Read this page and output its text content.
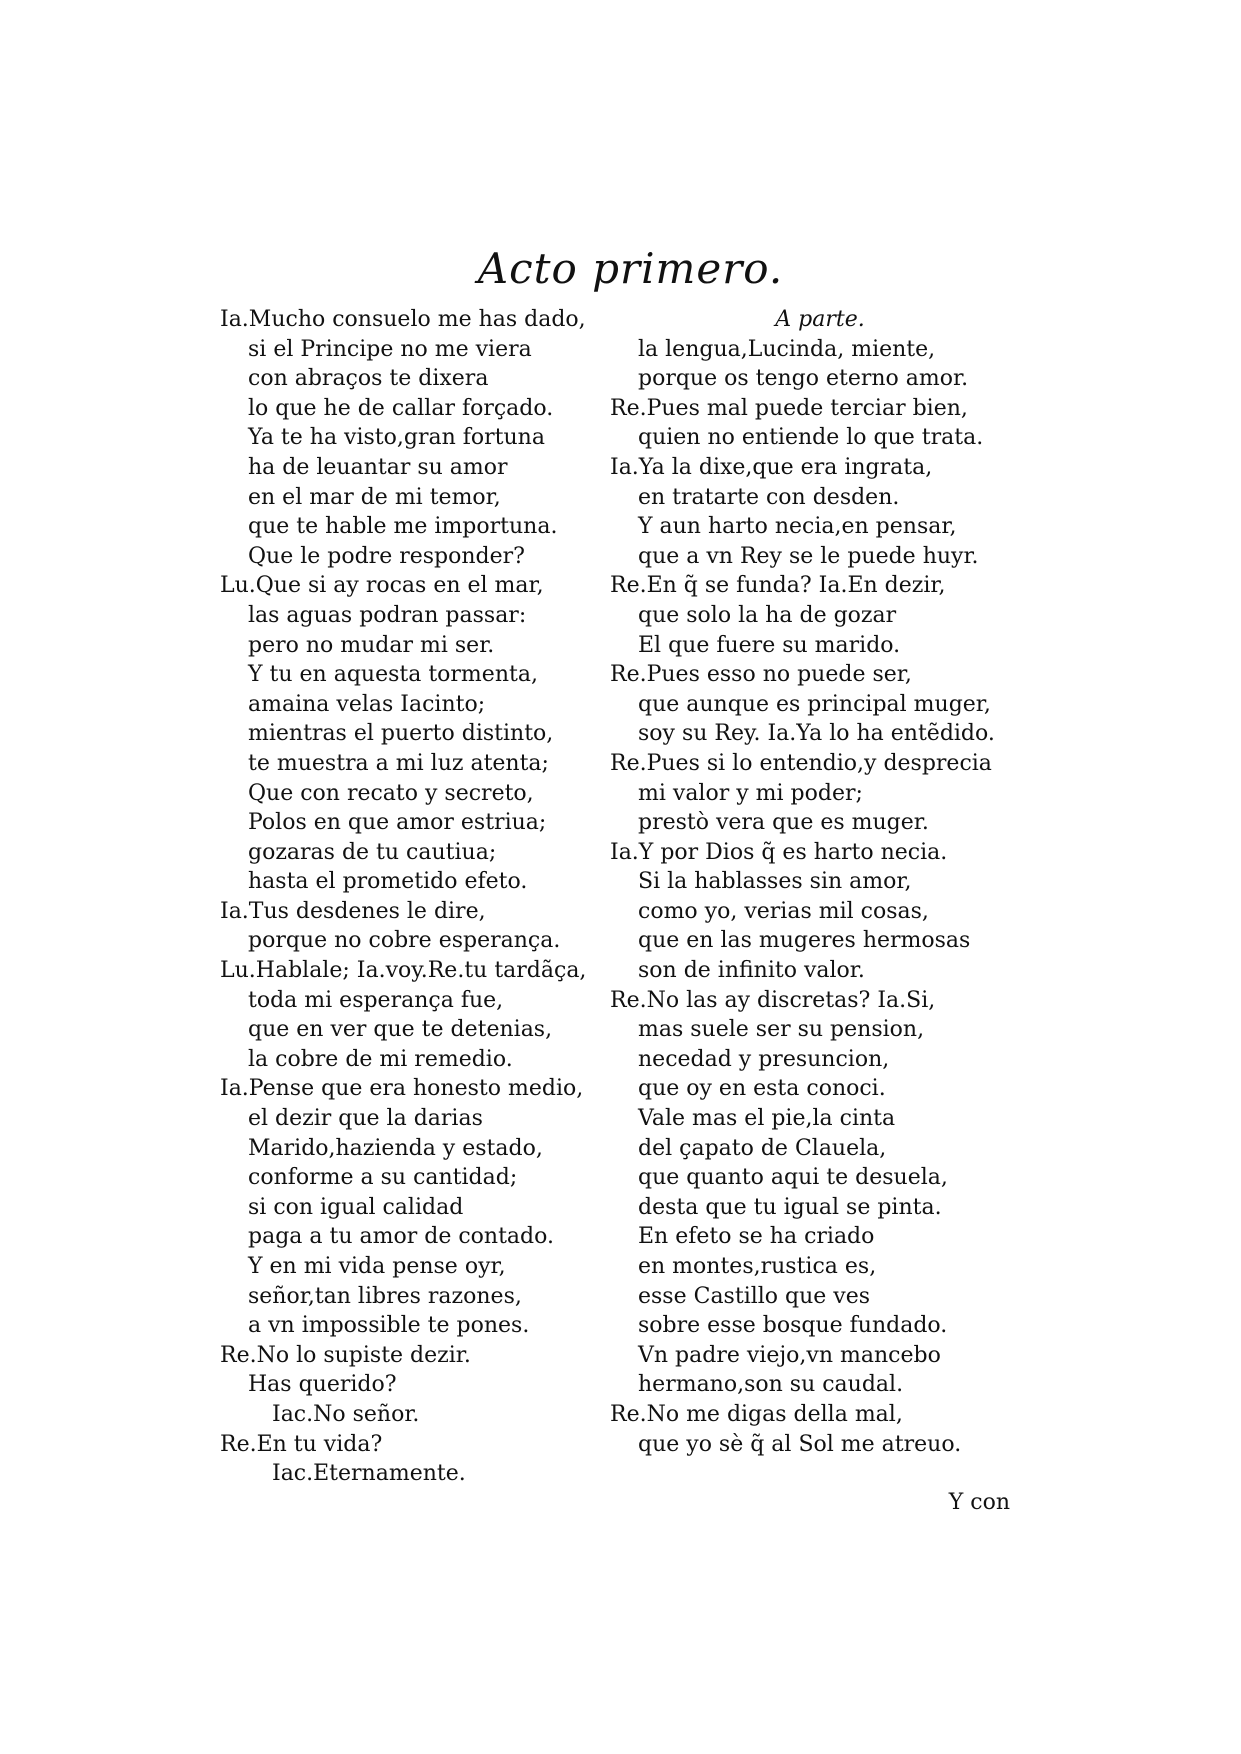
Acto primero.
Ia.Mucho consuelo me has dado,
si el Principe no me viera
con abraços te dixera
lo que he de callar forçado.
Ya te ha visto,gran fortuna
ha de leuantar su amor
en el mar de mi temor,
que te hable me importuna.
Que le podre responder?
Lu.Que si ay rocas en el mar,
las aguas podran passar:
pero no mudar mi ser.
Y tu en aquesta tormenta,
amaina velas Iacinto;
mientras el puerto distinto,
te muestra a mi luz atenta;
Que con recato y secreto,
Polos en que amor estriua;
gozaras de tu cautiua;
hasta el prometido efeto.
Ia.Tus desdenes le dire,
porque no cobre esperança.
Lu.Hablale; Ia.voy.Re.tu tardãça,
toda mi esperança fue,
que en ver que te detenias,
la cobre de mi remedio.
Ia.Pense que era honesto medio,
el dezir que la darias
Marido,hazienda y estado,
conforme a su cantidad;
si con igual calidad
paga a tu amor de contado.
Y en mi vida pense oyr,
señor,tan libres razones,
a vn impossible te pones.
Re.No lo supiste dezir.
Has querido?
Iac.No señor.
Re.En tu vida?
Iac.Eternamente.
A parte.
la lengua,Lucinda, miente,
porque os tengo eterno amor.
Re.Pues mal puede terciar bien,
quien no entiende lo que trata.
Ia.Ya la dixe,que era ingrata,
en tratarte con desden.
Y aun harto necia,en pensar,
que a vn Rey se le puede huyr.
Re.En q̃ se funda? Ia.En dezir,
que solo la ha de gozar
El que fuere su marido.
Re.Pues esso no puede ser,
que aunque es principal muger,
soy su Rey. Ia.Ya lo ha entẽdido.
Re.Pues si lo entendio,y desprecia
mi valor y mi poder;
prestò vera que es muger.
Ia.Y por Dios q̃ es harto necia.
Si la hablasses sin amor,
como yo, verias mil cosas,
que en las mugeres hermosas
son de infinito valor.
Re.No las ay discretas? Ia.Si,
mas suele ser su pension,
necedad y presuncion,
que oy en esta conoci.
Vale mas el pie,la cinta
del çapato de Clauela,
que quanto aqui te desuela,
desta que tu igual se pinta.
En efeto se ha criado
en montes,rustica es,
esse Castillo que ves
sobre esse bosque fundado.
Vn padre viejo,vn mancebo
hermano,son su caudal.
Re.No me digas della mal,
que yo sè q̃ al Sol me atreuo.
Y con
